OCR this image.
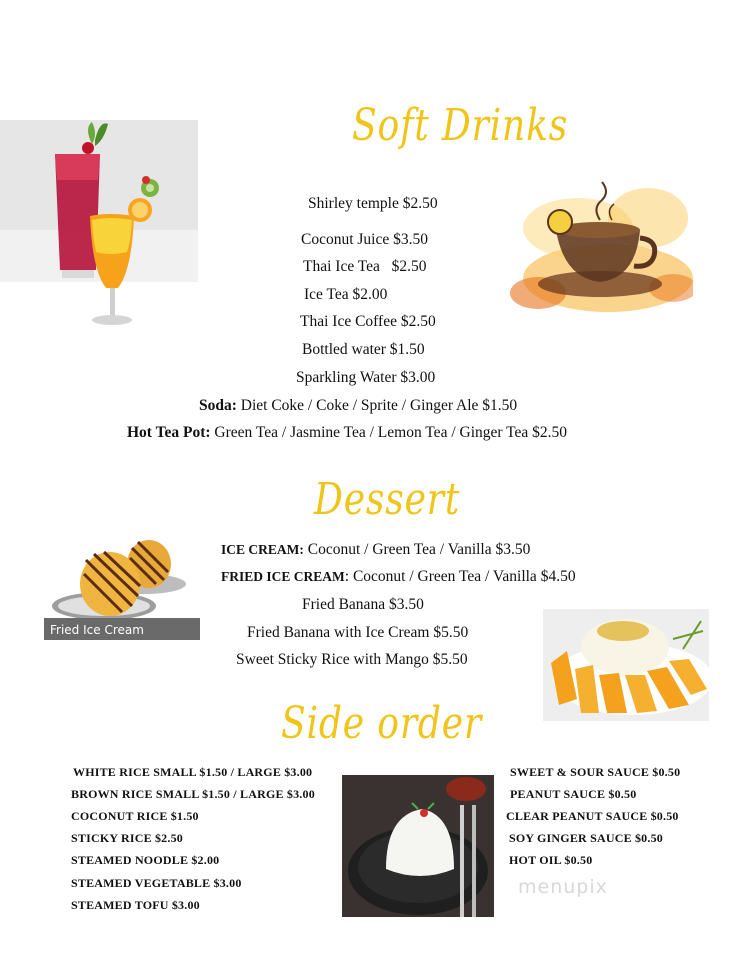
Soft Drinks
Shirley temple $2.50
Coconut Juice $3.50
Thai Ice Tea   $2.50
Ice Tea $2.00
Thai Ice Coffee $2.50
Bottled water $1.50
Sparkling Water $3.00
Soda: Diet Coke / Coke / Sprite / Ginger Ale $1.50
Hot Tea Pot: Green Tea / Jasmine Tea / Lemon Tea / Ginger Tea $2.50
Dessert
Fried Ice Cream
ICE CREAM: Coconut / Green Tea / Vanilla $3.50
FRIED ICE CREAM: Coconut / Green Tea / Vanilla $4.50
Fried Banana $3.50
Fried Banana with Ice Cream $5.50
Sweet Sticky Rice with Mango $5.50
Side order
WHITE RICE SMALL $1.50 / LARGE $3.00
BROWN RICE SMALL $1.50 / LARGE $3.00
COCONUT RICE $1.50
STICKY RICE $2.50
STEAMED NOODLE $2.00
STEAMED VEGETABLE $3.00
STEAMED TOFU $3.00
SWEET & SOUR SAUCE $0.50
PEANUT SAUCE $0.50
CLEAR PEANUT SAUCE $0.50
SOY GINGER SAUCE $0.50
HOT OIL $0.50
menupix
